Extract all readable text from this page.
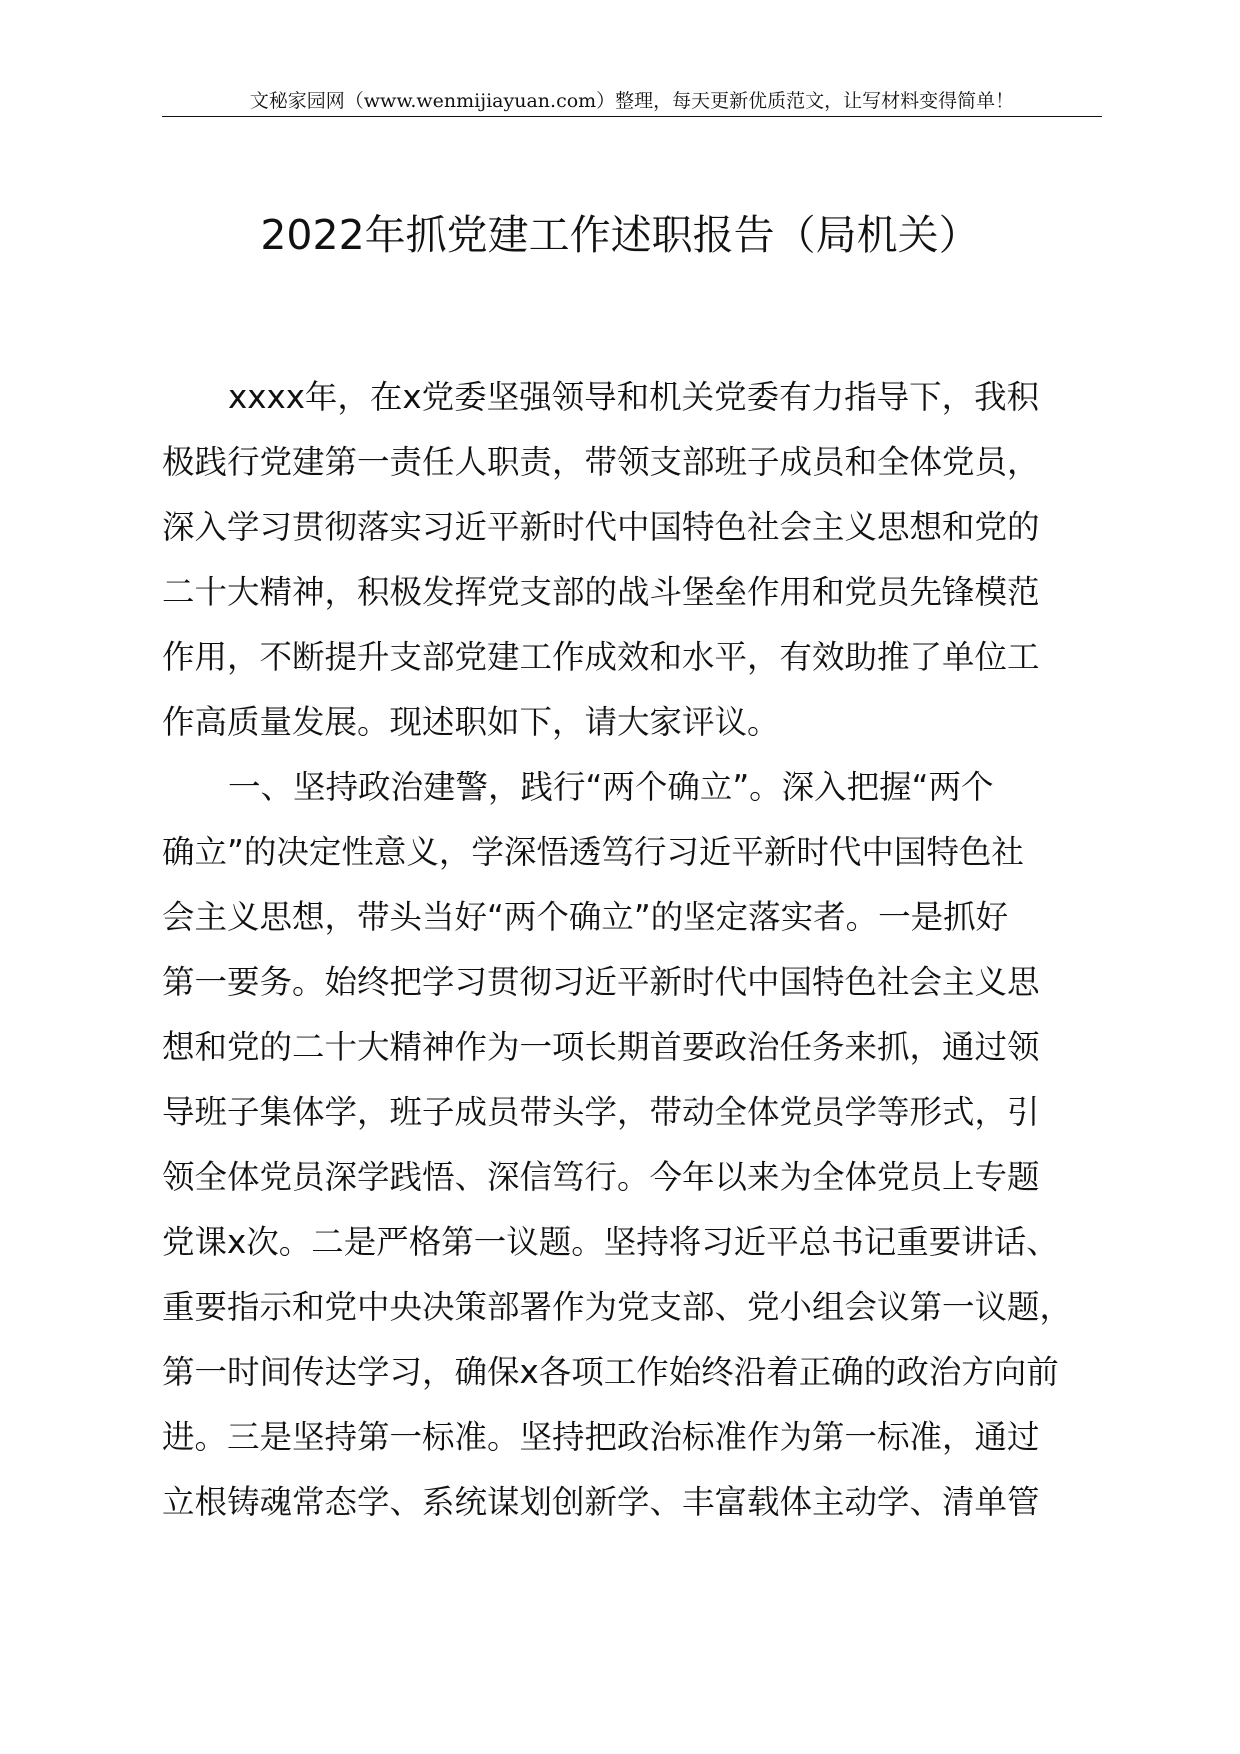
文秘家园网（www.wenmijiayuan.com）整理，每天更新优质范文，让写材料变得简单！
2022年抓党建工作述职报告（局机关）
xxxx年，在x党委坚强领导和机关党委有力指导下，我积
极践行党建第一责任人职责，带领支部班子成员和全体党员，
深入学习贯彻落实习近平新时代中国特色社会主义思想和党的
二十大精神，积极发挥党支部的战斗堡垒作用和党员先锋模范
作用，不断提升支部党建工作成效和水平，有效助推了单位工
作高质量发展。现述职如下，请大家评议。
一、坚持政治建警，践行“两个确立”。深入把握“两个
确立”的决定性意义，学深悟透笃行习近平新时代中国特色社
会主义思想，带头当好“两个确立”的坚定落实者。一是抓好
第一要务。始终把学习贯彻习近平新时代中国特色社会主义思
想和党的二十大精神作为一项长期首要政治任务来抓，通过领
导班子集体学，班子成员带头学，带动全体党员学等形式，引
领全体党员深学践悟、深信笃行。今年以来为全体党员上专题
党课x次。二是严格第一议题。坚持将习近平总书记重要讲话、
重要指示和党中央决策部署作为党支部、党小组会议第一议题，
第一时间传达学习，确保x各项工作始终沿着正确的政治方向前
进。三是坚持第一标准。坚持把政治标准作为第一标准，通过
立根铸魂常态学、系统谋划创新学、丰富载体主动学、清单管
